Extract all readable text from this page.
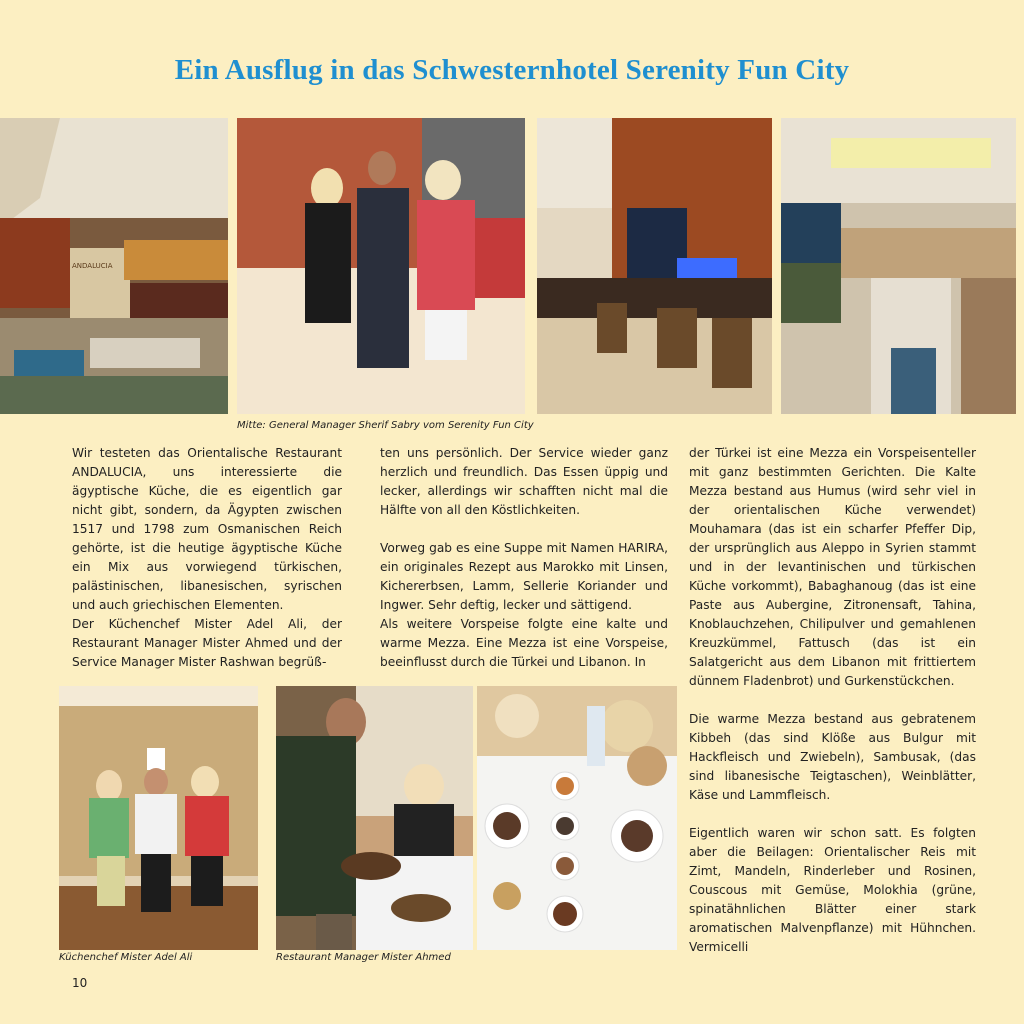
Ein Ausflug in das Schwesternhotel Serenity Fun City
ANDALUCIA
Mitte: General Manager Sherif Sabry vom Serenity Fun City

Wir testeten das Orientalische Restaurant ANDALUCIA, uns interessierte die ägyptische Küche, die es eigentlich gar nicht gibt, sondern, da Ägypten zwischen 1517 und 1798 zum Osmanischen Reich gehörte, ist die heutige ägyptische Küche ein Mix aus vorwiegend türkischen, palästinischen, libanesischen, syrischen und auch griechischen Elementen.

Der Küchenchef Mister Adel Ali, der Restaurant Manager Mister Ahmed und der Service Manager Mister Rashwan begrüß-

ten uns persönlich. Der Service wieder ganz herzlich und freundlich. Das Essen üppig und lecker, allerdings wir schafften nicht mal die Hälfte von all den Köstlichkeiten.

Vorweg gab es eine Suppe mit Namen HARIRA, ein originales Rezept aus Marokko mit Linsen, Kichererbsen, Lamm, Sellerie Koriander und Ingwer. Sehr deftig, lecker und sättigend.

Als weitere Vorspeise folgte eine kalte und warme Mezza. Eine Mezza ist eine Vorspeise, beeinflusst durch die Türkei und Libanon. In

der Türkei ist eine Mezza ein Vorspeisenteller mit ganz bestimmten Gerichten. Die Kalte Mezza bestand aus Humus (wird sehr viel in der orientalischen Küche verwendet) Mouhamara (das ist ein scharfer Pfeffer Dip, der ursprünglich aus Aleppo in Syrien stammt und in der levantinischen und türkischen Küche vorkommt), Babaghanoug (das ist eine Paste aus Aubergine, Zitronensaft, Tahina, Knoblauchzehen, Chilipulver und gemahlenen Kreuzkümmel, Fattusch (das ist ein Salatgericht aus dem Libanon mit frittiertem dünnem Fladenbrot) und Gurkenstückchen.

Die warme Mezza bestand aus gebratenem Kibbeh (das sind Klöße aus Bulgur mit Hackfleisch und Zwiebeln), Sambusak, (das sind libanesische Teigtaschen), Weinblätter, Käse und Lammfleisch.

Eigentlich waren wir schon satt. Es folgten aber die Beilagen: Orientalischer Reis mit Zimt, Mandeln, Rinderleber und Rosinen, Couscous mit Gemüse, Molokhia (grüne, spinatähnlichen Blätter einer stark aromatischen Malvenpflanze) mit Hühnchen. Vermicelli

Küchenchef Mister Adel Ali	Restaurant Manager Mister Ahmed
10
